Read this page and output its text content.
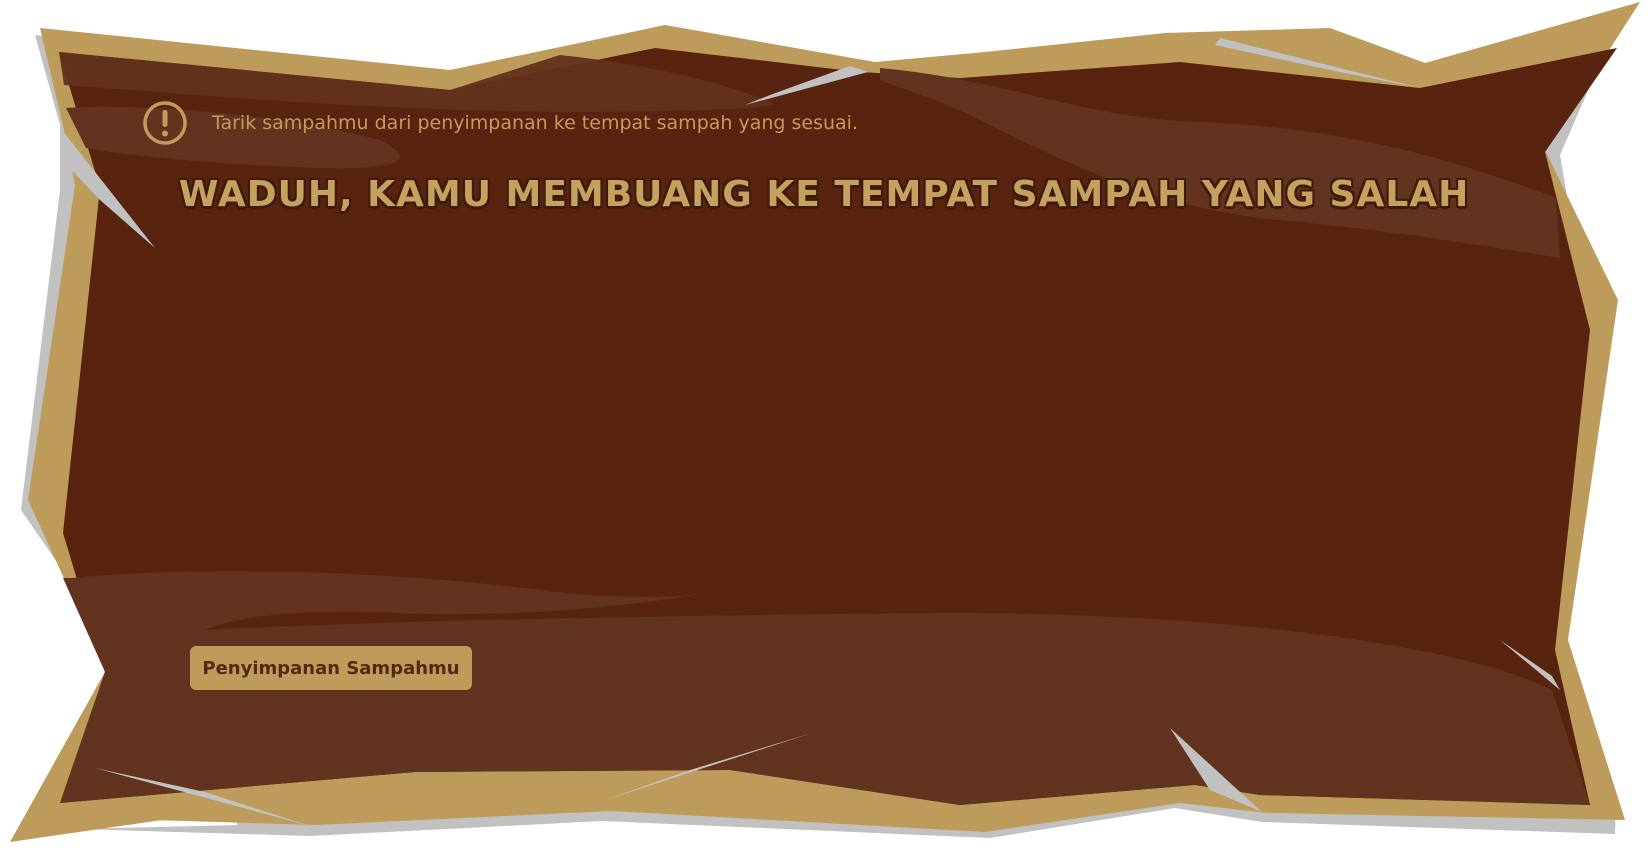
Tarik sampahmu dari penyimpanan ke tempat sampah yang sesuai.
WADUH, KAMU MEMBUANG KE TEMPAT SAMPAH YANG SALAH
Penyimpanan Sampahmu
